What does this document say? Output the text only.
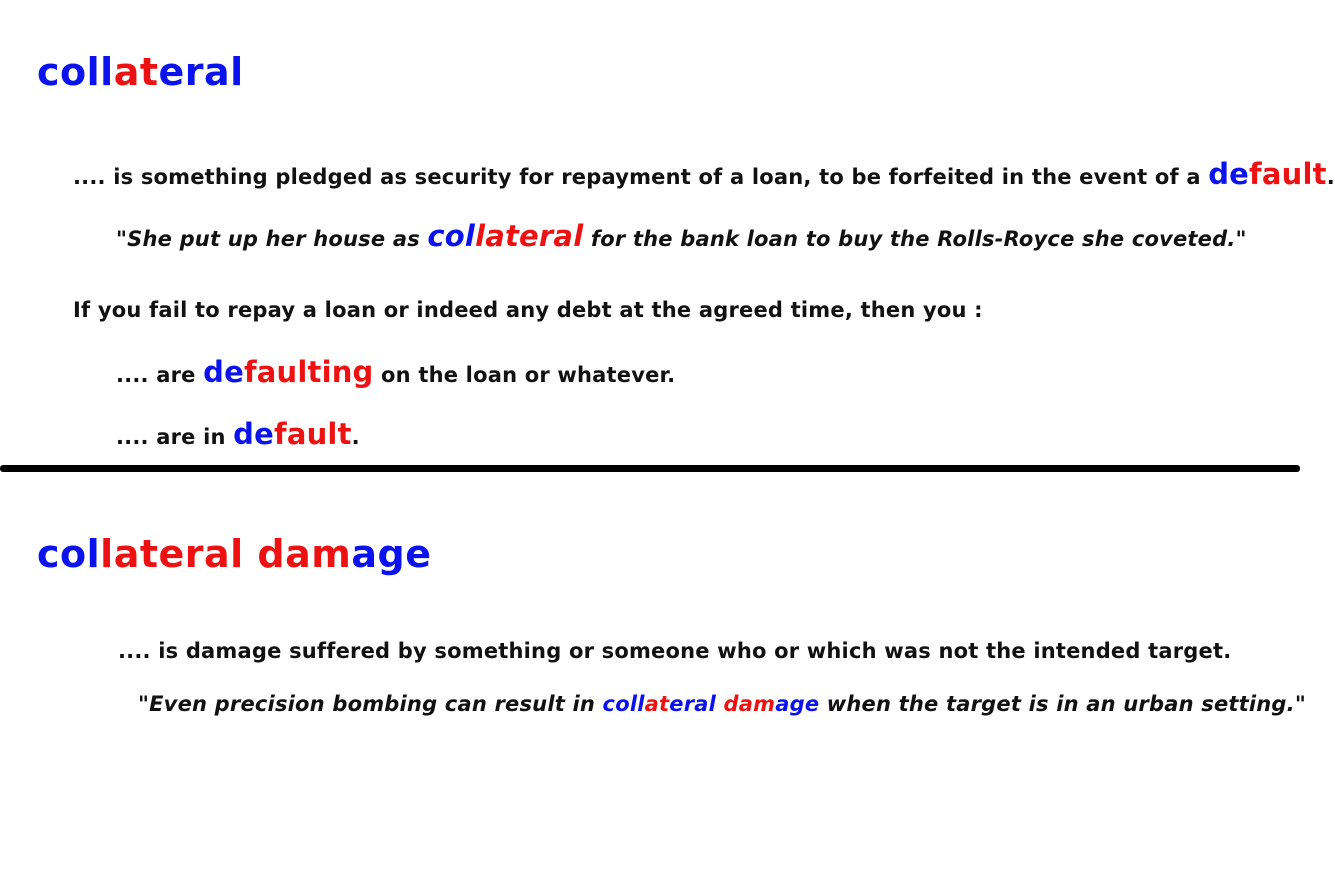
collateral

.... is something pledged as security for repayment of a loan, to be forfeited in the event of a default.

"She put up her house as collateral for the bank loan to buy the Rolls-Royce she coveted."

If you fail to repay a loan or indeed any debt at the agreed time, then you :

.... are defaulting on the loan or whatever.

.... are in default.

collateral damage

.... is damage suffered by something or someone who or which was not the intended target.

"Even precision bombing can result in collateral damage when the target is in an urban setting."
